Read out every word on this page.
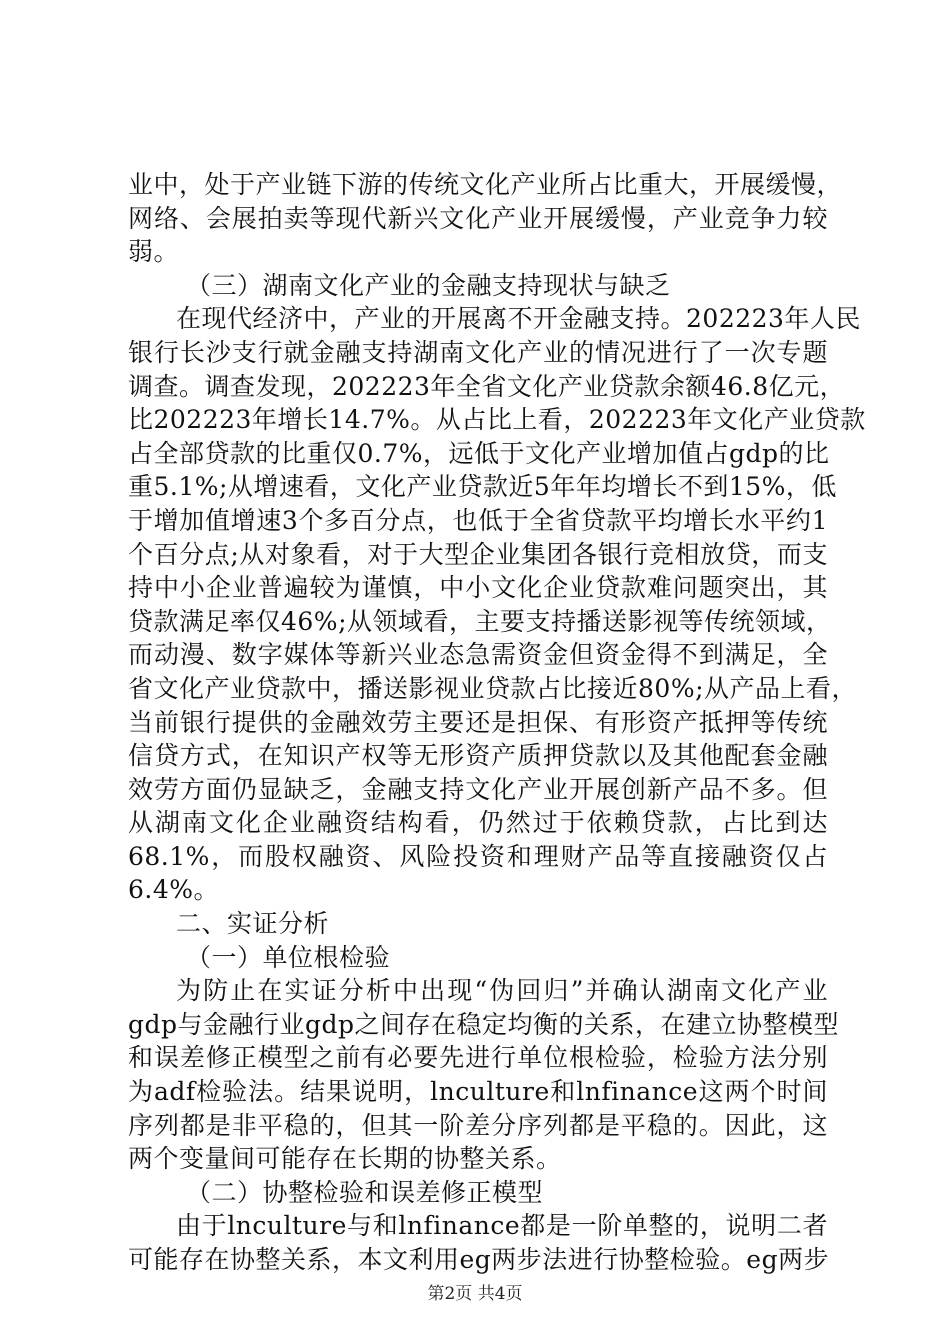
业中，处于产业链下游的传统文化产业所占比重大，开展缓慢，
网络、会展拍卖等现代新兴文化产业开展缓慢，产业竞争力较
弱。
（三）湖南文化产业的金融支持现状与缺乏
在现代经济中，产业的开展离不开金融支持。202223年人民
银行长沙支行就金融支持湖南文化产业的情况进行了一次专题
调查。调查发现，202223年全省文化产业贷款余额46.8亿元，
比202223年增长14.7%。从占比上看，202223年文化产业贷款
占全部贷款的比重仅0.7%，远低于文化产业增加值占gdp的比
重5.1%;从增速看，文化产业贷款近5年年均增长不到15%，低
于增加值增速3个多百分点，也低于全省贷款平均增长水平约1
个百分点;从对象看，对于大型企业集团各银行竞相放贷，而支
持中小企业普遍较为谨慎，中小文化企业贷款难问题突出，其
贷款满足率仅46%;从领域看，主要支持播送影视等传统领域，
而动漫、数字媒体等新兴业态急需资金但资金得不到满足，全
省文化产业贷款中，播送影视业贷款占比接近80%;从产品上看，
当前银行提供的金融效劳主要还是担保、有形资产抵押等传统
信贷方式，在知识产权等无形资产质押贷款以及其他配套金融
效劳方面仍显缺乏，金融支持文化产业开展创新产品不多。但
从湖南文化企业融资结构看，仍然过于依赖贷款，占比到达
68.1%，而股权融资、风险投资和理财产品等直接融资仅占
6.4%。
二、实证分析
（一）单位根检验
为防止在实证分析中出现“伪回归”并确认湖南文化产业
gdp与金融行业gdp之间存在稳定均衡的关系，在建立协整模型
和误差修正模型之前有必要先进行单位根检验，检验方法分别
为adf检验法。结果说明，lnculture和lnfinance这两个时间
序列都是非平稳的，但其一阶差分序列都是平稳的。因此，这
两个变量间可能存在长期的协整关系。
（二）协整检验和误差修正模型
由于lnculture与和lnfinance都是一阶单整的，说明二者
可能存在协整关系，本文利用eg两步法进行协整检验。eg两步
第2页 共4页
